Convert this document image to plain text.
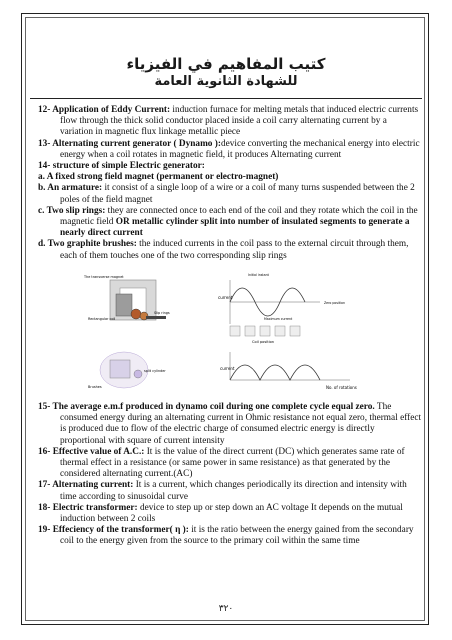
كتيب المفاهيم في الفيزياء
للشهادة الثانوية العامة

12- Application of Eddy Current: induction furnace for melting metals that induced electric currents flow through the thick solid conductor placed inside a coil carry alternating current by a variation in magnetic flux linkage metallic piece

13- Alternating current generator ( Dynamo ):device converting the mechanical energy into electric energy when a coil rotates in magnetic field, it produces Alternating current

14- structure of simple Electric generator:

a. A fixed strong field magnet (permanent or electro-magnet)

b. An armature: it consist of a single loop of a wire or a coil of many turns suspended between the 2 poles of the field magnet

c. Two slip rings: they are connected once to each end of the coil and they rotate which the coil in the magnetic field OR metallic cylinder split into number of insulated segments to generate a nearly direct current

d. Two graphite brushes: the induced currents in the coil pass to the external circuit through them, each of them touches one of the two corresponding slip rings

The transverse magnet
Slip rings
Rectangular coil
split cylinder
Brushes
current
Initial instant
Zero position
Maximum current
Coil position
current
No. of rotations

15- The average e.m.f produced in dynamo coil during one complete cycle equal zero. The consumed energy during an alternating current in Ohmic resistance not equal zero, thermal effect is produced due to flow of the electric charge of consumed electric energy is directly proportional with square of current intensity

16- Effective value of A.C.: It is the value of the direct current (DC) which generates same rate of thermal effect in a resistance (or same power in same resistance) as that generated by the considered alternating current.(AC)

17- Alternating current: It is a current, which changes periodically its direction and intensity with time according to sinusoidal curve

18- Electric transformer: device to step up or step down an AC voltage It depends on the mutual induction between 2 coils

19- Effeciency of the transformer( η ): it is the ratio between the energy gained from the secondary coil to the energy given from the source to the primary coil within the same time

٣٢٠
